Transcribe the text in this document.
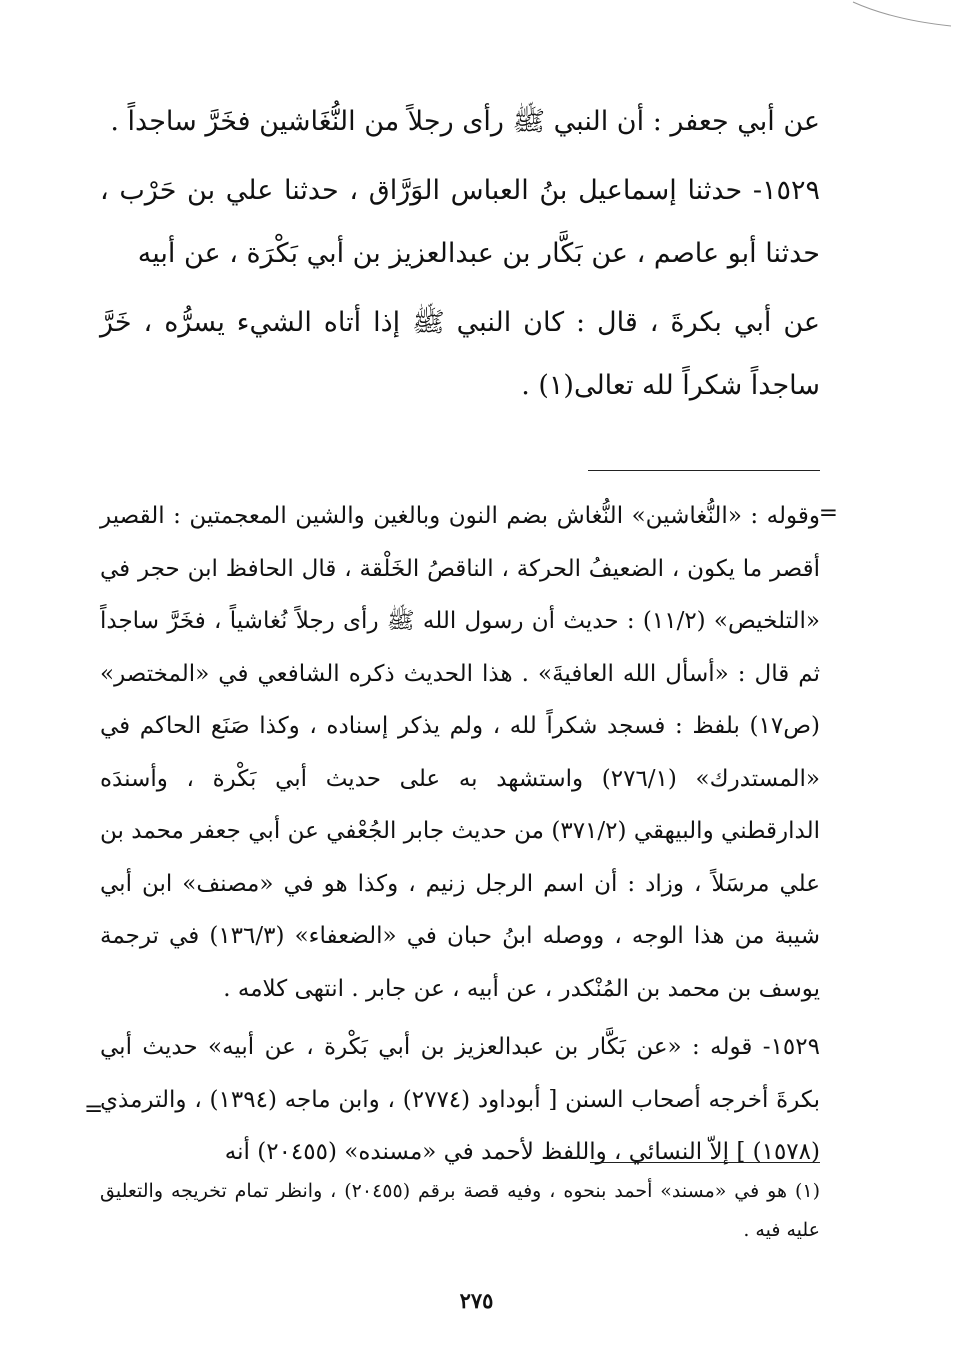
عن أبي جعفر : أن النبي ﷺ رأى رجلاً من النُّغَاشين فخَرَّ ساجداً .

١٥٢٩- حدثنا إسماعيل بنُ العباس الوَرَّاق ، حدثنا علي بن حَرْب ، حدثنا أبو عاصم ، عن بَكَّار بن عبدالعزيز بن أبي بَكْرَة ، عن أبيه

عن أبي بكرةَ ، قال : كان النبي ﷺ إذا أتاه الشيء يسرُّه ، خَرَّ ساجداً شكراً لله تعالى(١) .

=

وقوله : «النُّغاشين» النُّغاش بضم النون وبالغين والشين المعجمتين : القصير أقصر ما يكون ، الضعيفُ الحركة ، الناقصُ الخَلْقة ، قال الحافظ ابن حجر في «التلخيص» (١١/٢) : حديث أن رسول الله ﷺ رأى رجلاً نُغاشياً ، فخَرَّ ساجداً ثم قال : «أسأل الله العافيةَ» . هذا الحديث ذكره الشافعي في «المختصر» (ص١٧) بلفظ : فسجد شكراً لله ، ولم يذكر إسناده ، وكذا صَنَع الحاكم في «المستدرك» (٢٧٦/١) واستشهد به على حديث أبي بَكْرة ، وأسندَه الدارقطني والبيهقي (٣٧١/٢) من حديث جابر الجُعْفي عن أبي جعفر محمد بن علي مرسَلاً ، وزاد : أن اسم الرجل زنيم ، وكذا هو في «مصنف» ابن أبي شيبة من هذا الوجه ، ووصله ابنُ حبان في «الضعفاء» (١٣٦/٣) في ترجمة يوسف بن محمد بن المُنْكدر ، عن أبيه ، عن جابر . انتهى كلامه .

١٥٢٩- قوله : «عن بَكَّار بن عبدالعزيز بن أبي بَكْرة ، عن أبيه» حديث أبي بكرةَ أخرجه أصحاب السنن [ أبوداود (٢٧٧٤) ، وابن ماجه (١٣٩٤) ، والترمذي (١٥٧٨) ] إلاّ النسائي ، واللفظ لأحمد في «مسنده» (٢٠٤٥٥) أنه

=

(١) هو في «مسند» أحمد بنحوه ، وفيه قصة برقم (٢٠٤٥٥) ، وانظر تمام تخريجه والتعليق عليه فيه .

٢٧٥
